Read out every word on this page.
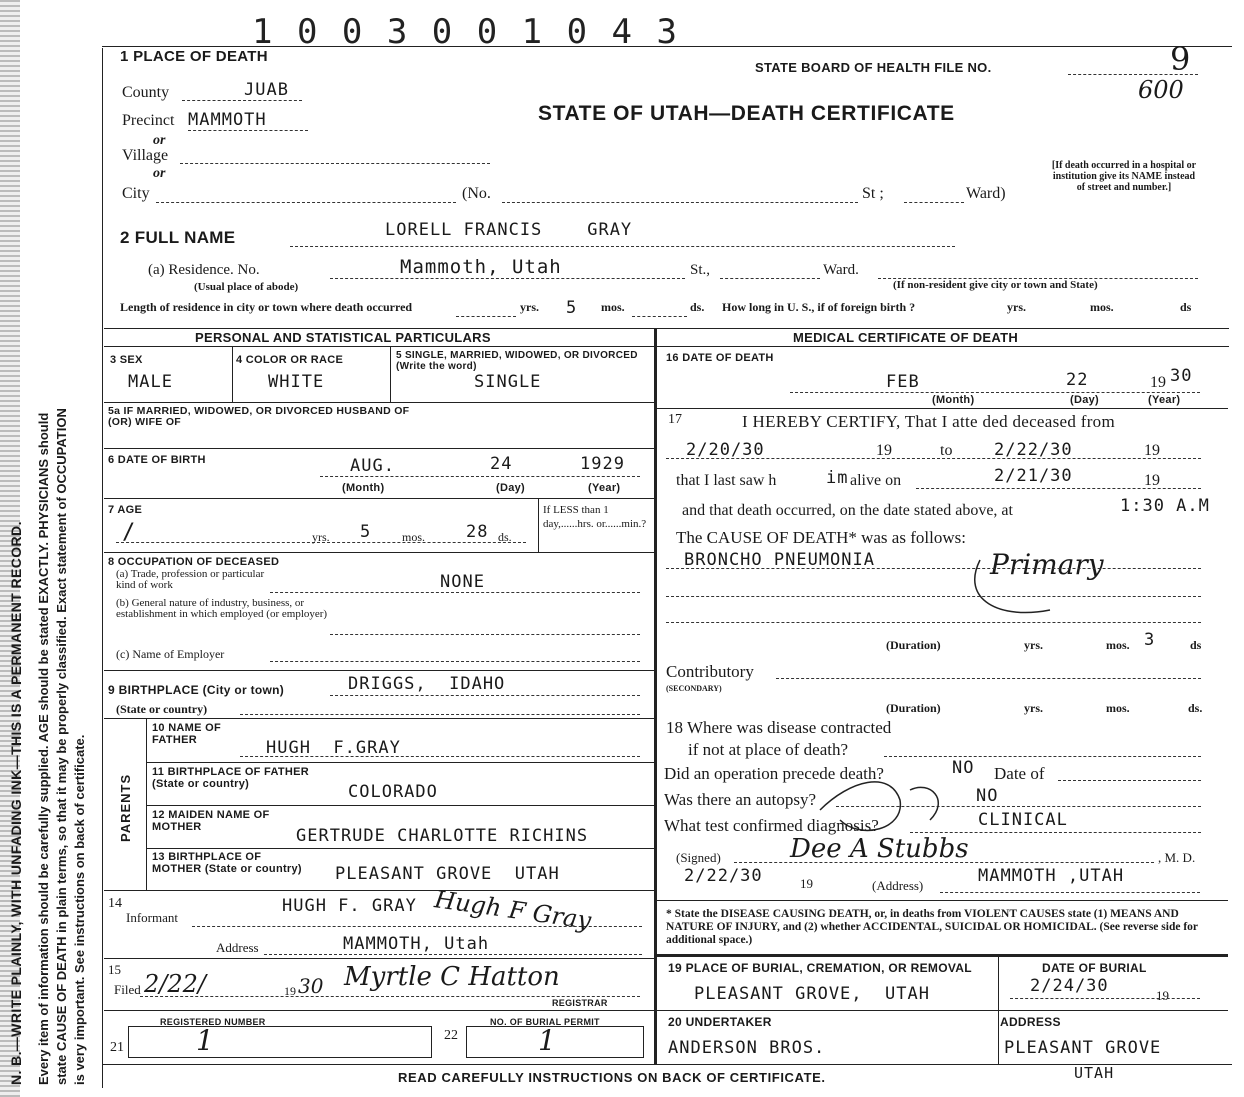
N. B.—WRITE PLAINLY, WITH UNFADING INK—THIS IS A PERMANENT RECORD. Every item of information should be carefully supplied. AGE should be stated EXACTLY. PHYSICIANS should state CAUSE OF DEATH in plain terms, so that it may be properly classified. Exact statement of OCCUPATION is very important. See instructions on back of certificate.
1 0 0 3 0 0 1 0 4 3
1 PLACE OF DEATH
STATE BOARD OF HEALTH FILE NO.	9
600
County	JUAB
Precinct MAMMOTH
or
Village
or
City	(No.	St ;	Ward)
STATE OF UTAH—DEATH CERTIFICATE
[If death occurred in a hospital or institution give its NAME instead of street and number.]
2 FULL NAME	LORELL FRANCIS    GRAY
(a) Residence. No.
(Usual place of abode)
Mammoth, Utah	St.,	Ward.
(If non-resident give city or town and State)
Length of residence in city or town where death occurred	yrs. 5 mos.	ds. How long in U. S., if of foreign birth ?	yrs.	mos.	ds
PERSONAL AND STATISTICAL PARTICULARS	MEDICAL CERTIFICATE OF DEATH
3 SEX
MALE
4 COLOR OR RACE
WHITE
5 SINGLE, MARRIED, WIDOWED, OR DIVORCED (Write the word)
SINGLE
5a IF MARRIED, WIDOWED, OR DIVORCED HUSBAND OF (OR) WIFE OF
6 DATE OF BIRTH	AUG.	24	1929
(Month)	(Day)	(Year)
7 AGE
/	yrs. 5	mos. 28 ds.
If LESS than 1 day,......hrs. or......min.?
8 OCCUPATION OF DECEASED
(a) Trade, profession or particular kind of work	NONE
(b) General nature of industry, business, or establishment in which employed (or employer)
(c) Name of Employer
9 BIRTHPLACE (City or town)	DRIGGS,  IDAHO
(State or country)
PARENTS
10 NAME OF FATHER	HUGH  F.GRAY
11 BIRTHPLACE OF FATHER (State or country)	COLORADO
12 MAIDEN NAME OF MOTHER	GERTRUDE CHARLOTTE RICHINS
13 BIRTHPLACE OF MOTHER (State or country) PLEASANT GROVE  UTAH
14
Informant
HUGH F. GRAY Hugh F Gray
Address	MAMMOTH, Utah
15
Filed 2/22/	19 30 Myrtle C Hatton
REGISTRAR
REGISTERED NUMBER
21	1
NO. OF BURIAL PERMIT
22	1
16 DATE OF DEATH
FEB	22	19 30
(Month)	(Day)	(Year)
17	I HEREBY CERTIFY, That I atte ded deceased from
2/20/30	19	to 2/22/30	19
that I last saw h	im alive on	2/21/30	19
and that death occurred, on the date stated above, at	1:30 A.M
The CAUSE OF DEATH* was as follows:
BRONCHO PNEUMONIA	Primary
(Duration)	yrs.	mos. 3	ds
Contributory
(SECONDARY)
(Duration)	yrs.	mos.	ds.
18 Where was disease contracted
if not at place of death?
Did an operation precede death?	NO Date of
Was there an autopsy?	NO
What test confirmed diagnosis?	CLINICAL
(Signed)	Dee A Stubbs	, M. D.
2/22/30	19	(Address)	MAMMOTH ,UTAH
* State the DISEASE CAUSING DEATH, or, in deaths from VIOLENT CAUSES state (1) MEANS AND NATURE OF INJURY, and (2) whether ACCIDENTAL, SUICIDAL OR HOMICIDAL. (See reverse side for additional space.)
19 PLACE OF BURIAL, CREMATION, OR REMOVAL
PLEASANT GROVE,  UTAH
DATE OF BURIAL
2/24/30	19
20 UNDERTAKER
ANDERSON BROS.
ADDRESS
PLEASANT GROVE
UTAH
READ CAREFULLY INSTRUCTIONS ON BACK OF CERTIFICATE.
